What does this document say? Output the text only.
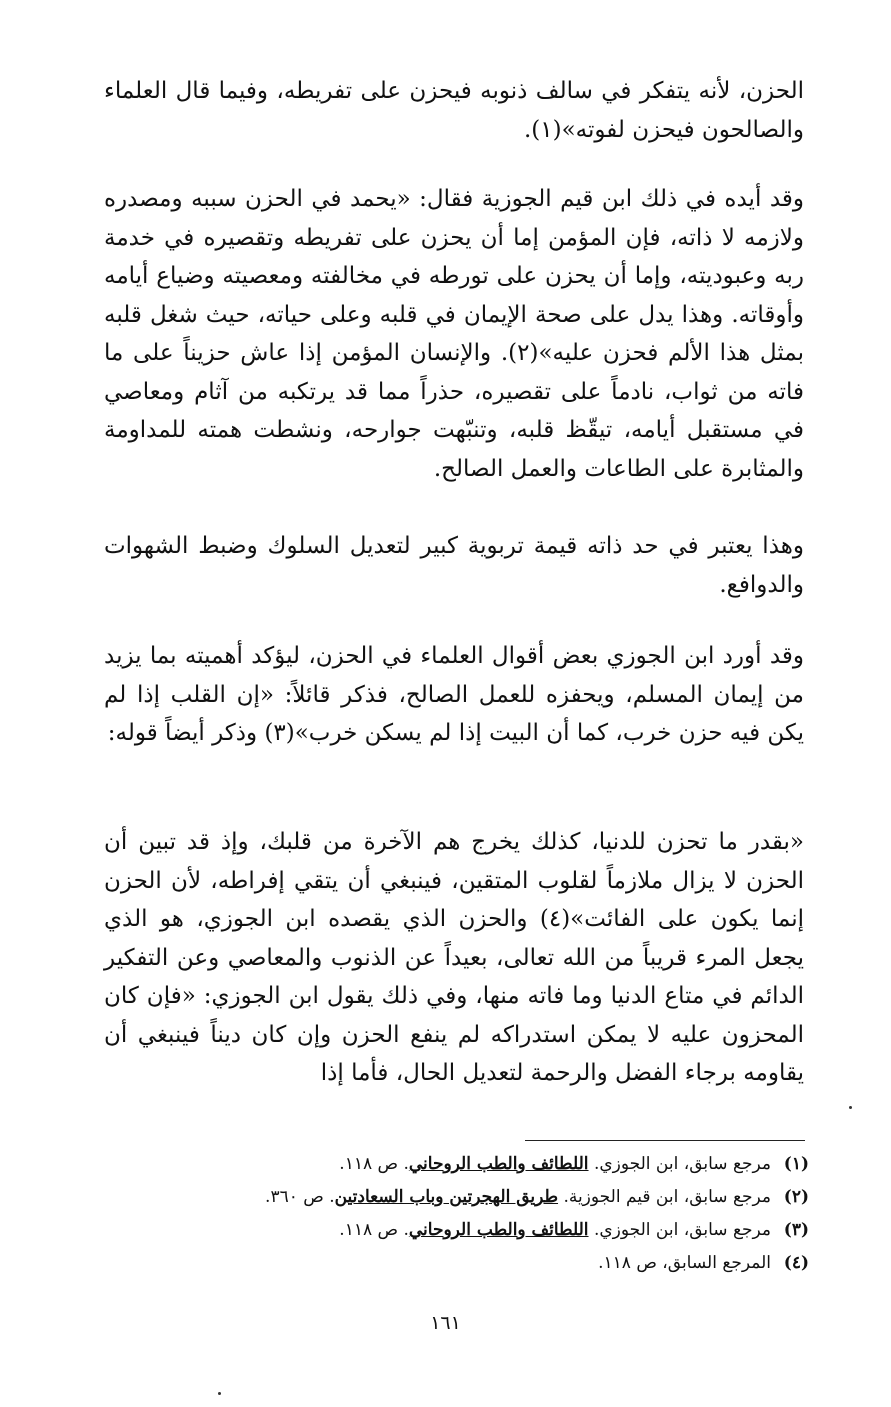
الحزن، لأنه يتفكر في سالف ذنوبه فيحزن على تفريطه، وفيما قال العلماء والصالحون فيحزن لفوته»(١).

وقد أيده في ذلك ابن قيم الجوزية فقال: «يحمد في الحزن سببه ومصدره ولازمه لا ذاته، فإن المؤمن إما أن يحزن على تفريطه وتقصيره في خدمة ربه وعبوديته، وإما أن يحزن على تورطه في مخالفته ومعصيته وضياع أيامه وأوقاته. وهذا يدل على صحة الإيمان في قلبه وعلى حياته، حيث شغل قلبه بمثل هذا الألم فحزن عليه»(٢). والإنسان المؤمن إذا عاش حزيناً على ما فاته من ثواب، نادماً على تقصيره، حذراً مما قد يرتكبه من آثام ومعاصي في مستقبل أيامه، تيقّظ قلبه، وتنبّهت جوارحه، ونشطت همته للمداومة والمثابرة على الطاعات والعمل الصالح.

وهذا يعتبر في حد ذاته قيمة تربوية كبير لتعديل السلوك وضبط الشهوات والدوافع.

وقد أورد ابن الجوزي بعض أقوال العلماء في الحزن، ليؤكد أهميته بما يزيد من إيمان المسلم، ويحفزه للعمل الصالح، فذكر قائلاً: «إن القلب إذا لم يكن فيه حزن خرب، كما أن البيت إذا لم يسكن خرب»(٣) وذكر أيضاً قوله:

«بقدر ما تحزن للدنيا، كذلك يخرج هم الآخرة من قلبك، وإذ قد تبين أن الحزن لا يزال ملازماً لقلوب المتقين، فينبغي أن يتقي إفراطه، لأن الحزن إنما يكون على الفائت»(٤) والحزن الذي يقصده ابن الجوزي، هو الذي يجعل المرء قريباً من الله تعالى، بعيداً عن الذنوب والمعاصي وعن التفكير الدائم في متاع الدنيا وما فاته منها، وفي ذلك يقول ابن الجوزي: «فإن كان المحزون عليه لا يمكن استدراكه لم ينفع الحزن وإن كان ديناً فينبغي أن يقاومه برجاء الفضل والرحمة لتعديل الحال، فأما إذا

(١)
مرجع سابق، ابن الجوزي. اللطائف والطب الروحاني. ص ١١٨.
(٢)
مرجع سابق، ابن قيم الجوزية. طريق الهجرتين وباب السعادتين. ص ٣٦٠.
(٣)
مرجع سابق، ابن الجوزي. اللطائف والطب الروحاني. ص ١١٨.
(٤)
المرجع السابق، ص ١١٨.
١٦١
